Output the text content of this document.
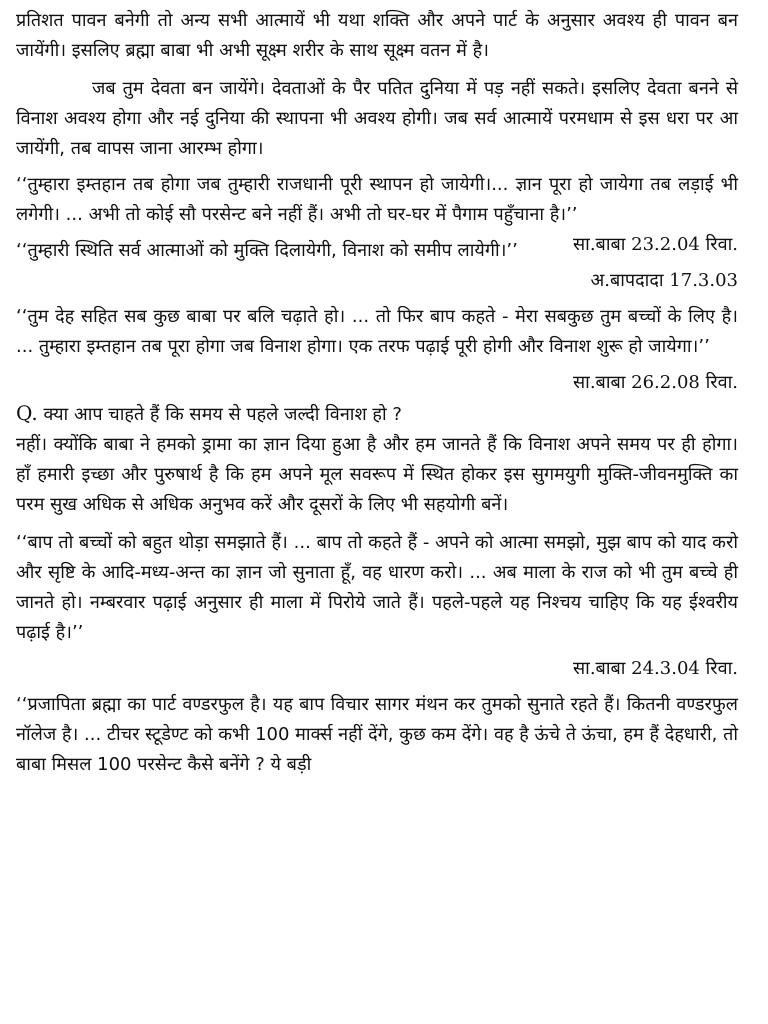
प्रतिशत पावन बनेगी तो अन्य सभी आत्मायें भी यथा शक्ति और अपने पार्ट के अनुसार अवश्य ही पावन बन जायेंगी। इसलिए ब्रह्मा बाबा भी अभी सूक्ष्म शरीर के साथ सूक्ष्म वतन में है।

जब तुम देवता बन जायेंगे। देवताओं के पैर पतित दुनिया में पड़ नहीं सकते। इसलिए देवता बनने से विनाश अवश्य होगा और नई दुनिया की स्थापना भी अवश्य होगी। जब सर्व आत्मायें परमधाम से इस धरा पर आ जायेंगी, तब वापस जाना आरम्भ होगा।

‘‘तुम्हारा इम्तहान तब होगा जब तुम्हारी राजधानी पूरी स्थापन हो जायेगी।... ज्ञान पूरा हो जायेगा तब लड़ाई भी लगेगी। ... अभी तो कोई सौ परसेन्ट बने नहीं हैं। अभी तो घर-घर में पैगाम पहुँचाना है।’’
सा.बाबा 23.2.04 रिवा.

‘‘तुम्हारी स्थिति सर्व आत्माओं को मुक्ति दिलायेगी, विनाश को समीप लायेगी।’’

अ.बापदादा 17.3.03

‘‘तुम देह सहित सब कुछ बाबा पर बलि चढ़ाते हो। ... तो फिर बाप कहते - मेरा सबकुछ तुम बच्चों के लिए है। ... तुम्हारा इम्तहान तब पूरा होगा जब विनाश होगा। एक तरफ पढ़ाई पूरी होगी और विनाश शुरू हो जायेगा।’’

सा.बाबा 26.2.08 रिवा.

Q. क्या आप चाहते हैं कि समय से पहले जल्दी विनाश हो ?

नहीं। क्योंकि बाबा ने हमको ड्रामा का ज्ञान दिया हुआ है और हम जानते हैं कि विनाश अपने समय पर ही होगा। हाँ हमारी इच्छा और पुरुषार्थ है कि हम अपने मूल सवरूप में स्थित होकर इस सुगमयुगी मुक्ति-जीवनमुक्ति का परम सुख अधिक से अधिक अनुभव करें और दूसरों के लिए भी सहयोगी बनें।

‘‘बाप तो बच्चों को बहुत थोड़ा समझाते हैं। ... बाप तो कहते हैं - अपने को आत्मा समझो, मुझ बाप को याद करो और सृष्टि के आदि-मध्य-अन्त का ज्ञान जो सुनाता हूँ, वह धारण करो। ... अब माला के राज को भी तुम बच्चे ही जानते हो। नम्बरवार पढ़ाई अनुसार ही माला में पिरोये जाते हैं। पहले-पहले यह निश्चय चाहिए कि यह ईश्वरीय पढ़ाई है।’’

सा.बाबा 24.3.04 रिवा.

‘‘प्रजापिता ब्रह्मा का पार्ट वण्डरफुल है। यह बाप विचार सागर मंथन कर तुमको सुनाते रहते हैं। कितनी वण्डरफुल नॉलेज है। ... टीचर स्टूडेण्ट को कभी 100 मार्क्स नहीं देंगे, कुछ कम देंगे। वह है ऊंचे ते ऊंचा, हम हैं देहधारी, तो बाबा मिसल 100 परसेन्ट कैसे बनेंगे ? ये बड़ी
